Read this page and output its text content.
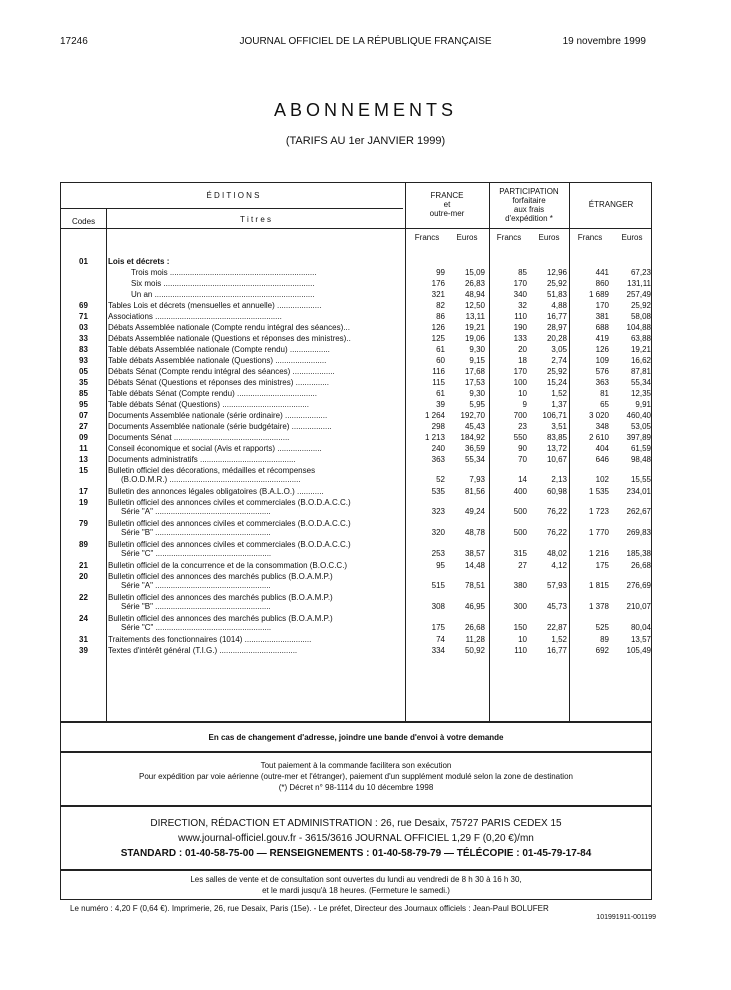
17246	JOURNAL OFFICIEL DE LA RÉPUBLIQUE FRANÇAISE	19 novembre 1999
ABONNEMENTS
(TARIFS AU 1er JANVIER 1999)
É D I T I O N S
Codes	T i t r e s
FRANCE
et
outre-mer
PARTICIPATION
forfaitaire
aux frais
d'expédition *
ÉTRANGER
Francs	Euros	Francs	Euros	Francs	Euros
01	Lois et décrets :
Trois mois ..................................................................	99	15,09	85	12,96	441	67,23
Six mois ....................................................................	176	26,83	170	25,92	860	131,11
Un an ........................................................................	321	48,94	340	51,83	1 689	257,49
69	Tables Lois et décrets (mensuelles et annuelle) ....................	82	12,50	32	4,88	170	25,92
71	Associations .........................................................	86	13,11	110	16,77	381	58,08
03	Débats Assemblée nationale (Compte rendu intégral des séances)...	126	19,21	190	28,97	688	104,88
33	Débats Assemblée nationale (Questions et réponses des ministres)..	125	19,06	133	20,28	419	63,88
83	Table débats Assemblée nationale (Compte rendu) ..................	61	9,30	20	3,05	126	19,21
93	Table débats Assemblée nationale (Questions) .......................	60	9,15	18	2,74	109	16,62
05	Débats Sénat (Compte rendu intégral des séances) ...................	116	17,68	170	25,92	576	87,81
35	Débats Sénat (Questions et réponses des ministres) ...............	115	17,53	100	15,24	363	55,34
85	Table débats Sénat (Compte rendu) ....................................	61	9,30	10	1,52	81	12,35
95	Table débats Sénat (Questions) .......................................	39	5,95	9	1,37	65	9,91
07	Documents Assemblée nationale (série ordinaire) ...................	1 264	192,70	700	106,71	3 020	460,40
27	Documents Assemblée nationale (série budgétaire) ..................	298	45,43	23	3,51	348	53,05
09	Documents Sénat ....................................................	1 213	184,92	550	83,85	2 610	397,89
11	Conseil économique et social (Avis et rapports) ....................	240	36,59	90	13,72	404	61,59
13	Documents administratifs ...........................................	363	55,34	70	10,67	646	98,48
15	Bulletin officiel des décorations, médailles et récompenses
(B.O.D.M.R.) ...........................................................	52	7,93	14	2,13	102	15,55
17	Bulletin des annonces légales obligatoires (B.A.L.O.) ............	535	81,56	400	60,98	1 535	234,01
19	Bulletin officiel des annonces civiles et commerciales (B.O.D.A.C.C.)
Série "A" ....................................................	323	49,24	500	76,22	1 723	262,67
79	Bulletin officiel des annonces civiles et commerciales (B.O.D.A.C.C.)
Série "B" ....................................................	320	48,78	500	76,22	1 770	269,83
89	Bulletin officiel des annonces civiles et commerciales (B.O.D.A.C.C.)
Série "C" ....................................................	253	38,57	315	48,02	1 216	185,38
21	Bulletin officiel de la concurrence et de la consommation (B.O.C.C.)	95	14,48	27	4,12	175	26,68
20	Bulletin officiel des annonces des marchés publics (B.O.A.M.P.)
Série "A" ....................................................	515	78,51	380	57,93	1 815	276,69
22	Bulletin officiel des annonces des marchés publics (B.O.A.M.P.)
Série "B" ....................................................	308	46,95	300	45,73	1 378	210,07
24	Bulletin officiel des annonces des marchés publics (B.O.A.M.P.)
Série "C" ....................................................	175	26,68	150	22,87	525	80,04
31	Traitements des fonctionnaires (1014) ..............................	74	11,28	10	1,52	89	13,57
39	Textes d'intérêt général (T.I.G.) ...................................	334	50,92	110	16,77	692	105,49
En cas de changement d'adresse, joindre une bande d'envoi à votre demande
Tout paiement à la commande facilitera son exécution
Pour expédition par voie aérienne (outre-mer et l'étranger), paiement d'un supplément modulé selon la zone de destination
(*) Décret n° 98-1114 du 10 décembre 1998
DIRECTION, RÉDACTION ET ADMINISTRATION : 26, rue Desaix, 75727 PARIS CEDEX 15
www.journal-officiel.gouv.fr - 3615/3616 JOURNAL OFFICIEL 1,29 F (0,20 €)/mn
STANDARD : 01-40-58-75-00 — RENSEIGNEMENTS : 01-40-58-79-79 — TÉLÉCOPIE : 01-45-79-17-84
Les salles de vente et de consultation sont ouvertes du lundi au vendredi de 8 h 30 à 16 h 30,
et le mardi jusqu'à 18 heures. (Fermeture le samedi.)
Le numéro : 4,20 F (0,64 €). Imprimerie, 26, rue Desaix, Paris (15e). - Le préfet, Directeur des Journaux officiels : Jean-Paul BOLUFER
101991911-001199
